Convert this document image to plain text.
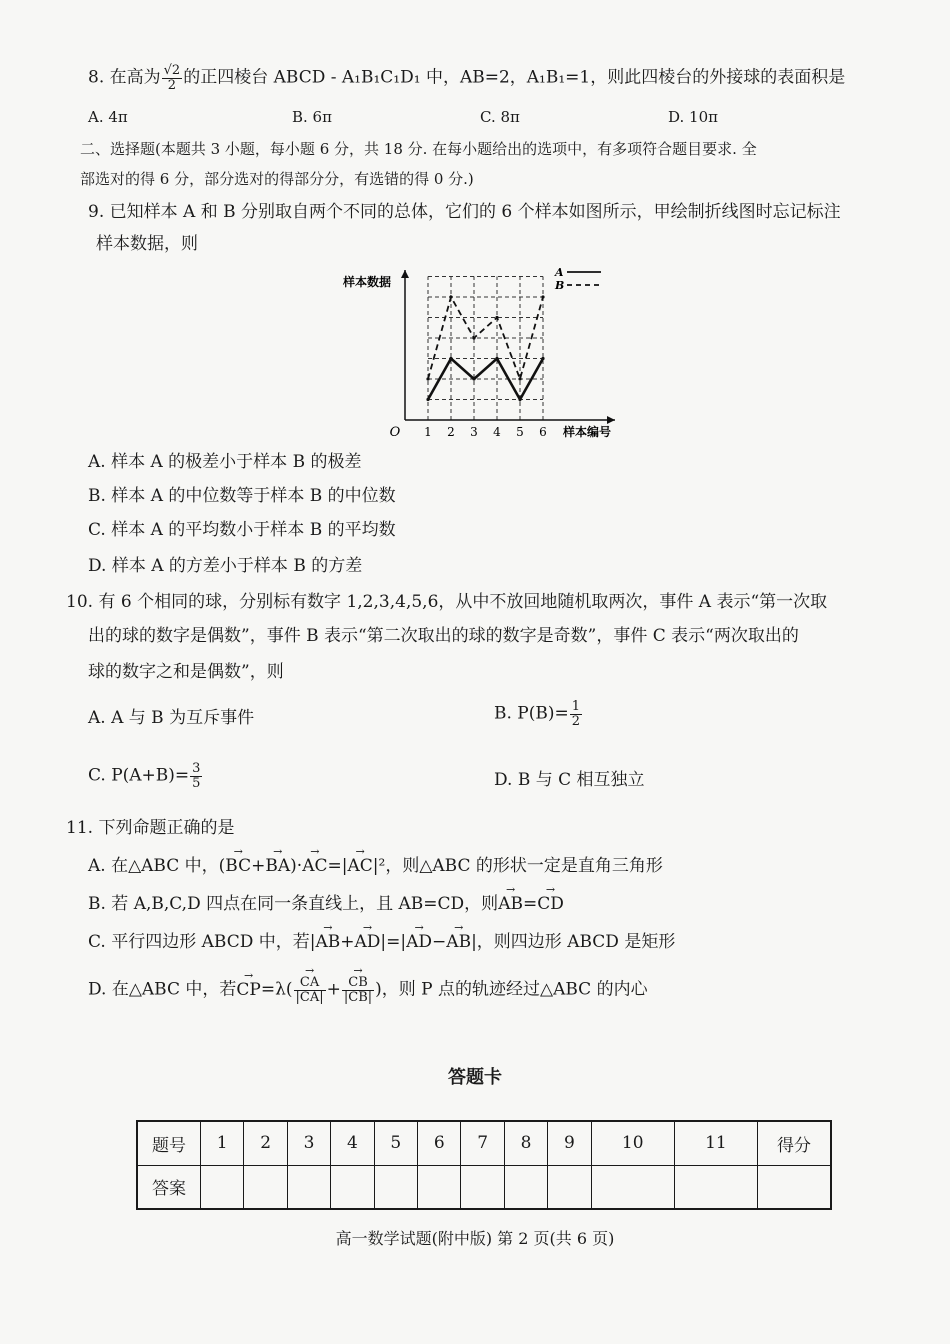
8. 在高为 $\frac{√2}{2}$ 的正四棱台 ABCD - A₁B₁C₁D₁ 中，AB=2，A₁B₁=1，则此四棱台的外接球的表面积是
A. 4π	B. 6π	C. 8π	D. 10π
二、选择题(本题共 3 小题，每小题 6 分，共 18 分. 在每小题给出的选项中，有多项符合题目要求. 全
部选对的得 6 分，部分选对的得部分分，有选错的得 0 分.)
9. 已知样本 A 和 B 分别取自两个不同的总体，它们的 6 个样本如图所示，甲绘制折线图时忘记标注
样本数据，则
1 2 3 4 5 6
O	样本编号
样本数据
A
B
A. 样本 A 的极差小于样本 B 的极差
B. 样本 A 的中位数等于样本 B 的中位数
C. 样本 A 的平均数小于样本 B 的平均数
D. 样本 A 的方差小于样本 B 的方差
10. 有 6 个相同的球，分别标有数字 1,2,3,4,5,6，从中不放回地随机取两次，事件 A 表示“第一次取
出的球的数字是偶数”，事件 B 表示“第二次取出的球的数字是奇数”，事件 C 表示“两次取出的
球的数字之和是偶数”，则
A. A 与 B 为互斥事件	B. $P(B)= \frac{1}{2}$
C. $P(A+B)= \frac{3}{5}$	D. B 与 C 相互独立
11. 下列命题正确的是
A. 在△ABC 中，(→ BC+→ BA)·→ AC=|→ AC|²，则△ABC 的形状一定是直角三角形
B. 若 A,B,C,D 四点在同一条直线上，且 AB=CD，则→ AB=→ CD
C. 平行四边形 ABCD 中，若|→ AB+→ AD|=|→ AD−→ AB|，则四边形 ABCD 是矩形
D. 在△ABC 中，若→ $CP=\lambda( \to \frac{CA}{|CA|}$ + → $\frac{CB}{|CB|}$ )，则 P 点的轨迹经过△ABC 的内心
答题卡
题号	1	2	3	4	5	6	7	8	9	10	11	得分
答案												
高一数学试题(附中版) 第 2 页(共 6 页)
